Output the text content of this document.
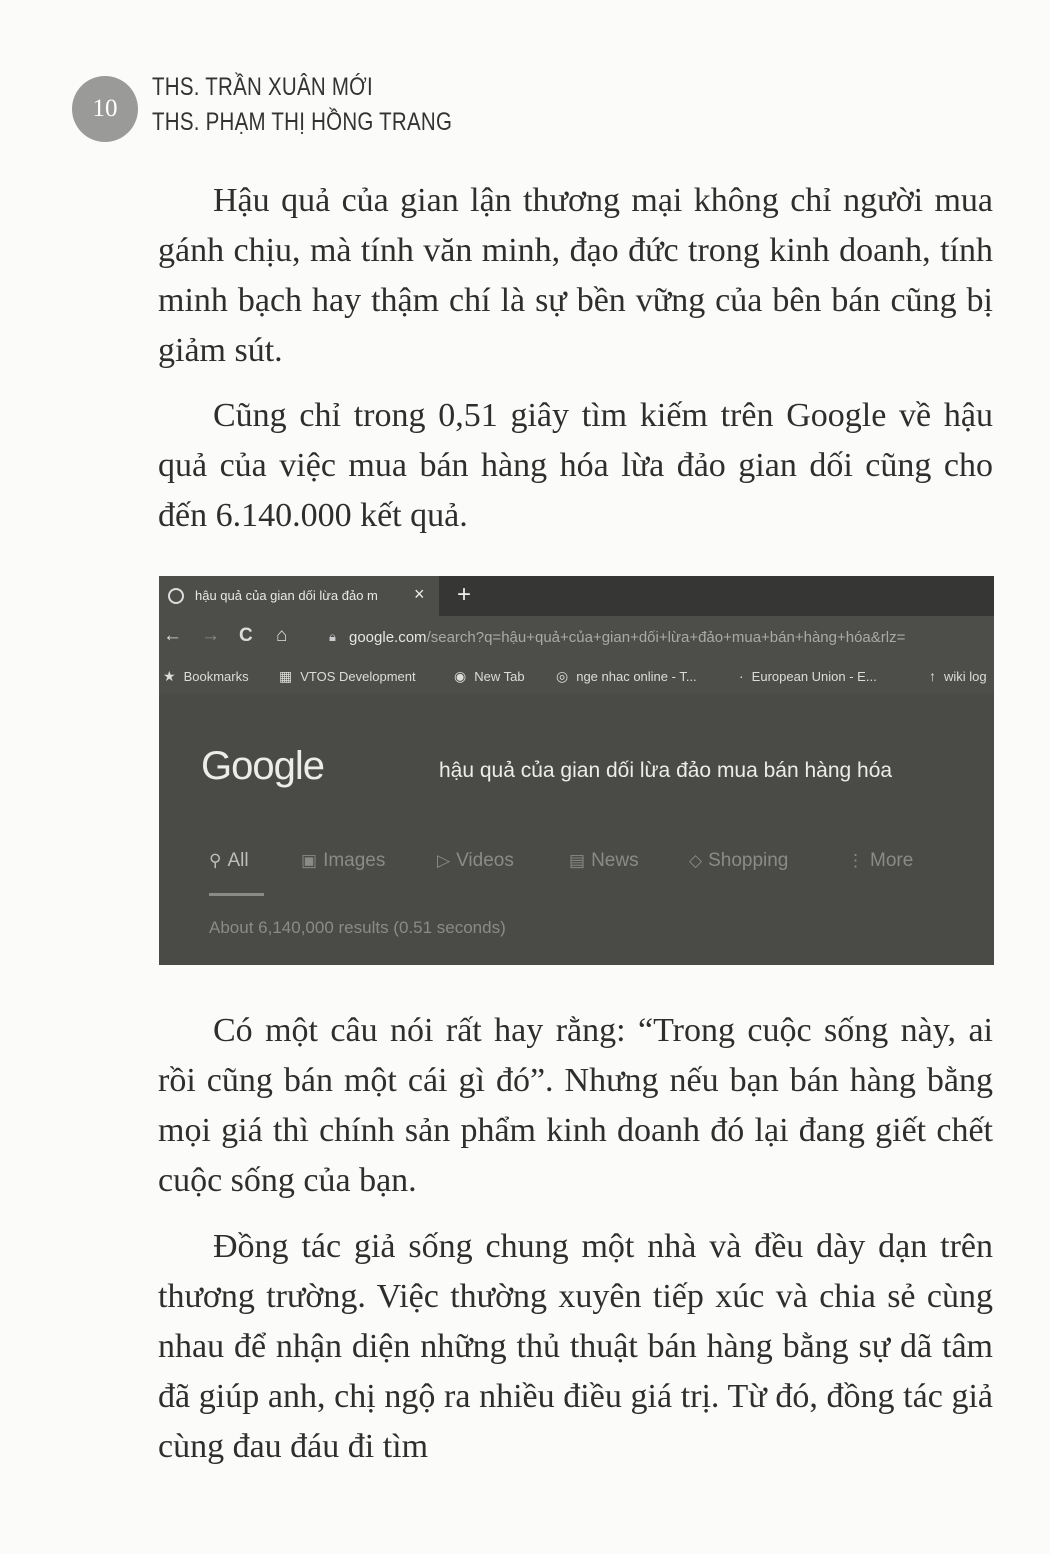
10
THS. TRẦN XUÂN MỚI
THS. PHẠM THỊ HỒNG TRANG

Hậu quả của gian lận thương mại không chỉ người mua gánh chịu, mà tính văn minh, đạo đức trong kinh doanh, tính minh bạch hay thậm chí là sự bền vững của bên bán cũng bị giảm sút.

Cũng chỉ trong 0,51 giây tìm kiếm trên Google về hậu quả của việc mua bán hàng hóa lừa đảo gian dối cũng cho đến 6.140.000 kết quả.

hậu quả của gian dối lừa đảo m × +
← → C ⌂	🔒︎ google.com/search?q=hậu+quả+của+gian+dối+lừa+đảo+mua+bán+hàng+hóa&rlz=
★ Bookmarks ▦ VTOS Development	◉ New Tab ◎ nge nhac online - T...	· European Union - E...	↑ wiki log
Google	hậu quả của gian dối lừa đảo mua bán hàng hóa
⚲ All	▣ Images	▷ Videos	▤ News	◇ Shopping	⋮ More
About 6,140,000 results (0.51 seconds)

Có một câu nói rất hay rằng: “Trong cuộc sống này, ai rồi cũng bán một cái gì đó”. Nhưng nếu bạn bán hàng bằng mọi giá thì chính sản phẩm kinh doanh đó lại đang giết chết cuộc sống của bạn.

Đồng tác giả sống chung một nhà và đều dày dạn trên thương trường. Việc thường xuyên tiếp xúc và chia sẻ cùng nhau để nhận diện những thủ thuật bán hàng bằng sự dã tâm đã giúp anh, chị ngộ ra nhiều điều giá trị. Từ đó, đồng tác giả cùng đau đáu đi tìm
